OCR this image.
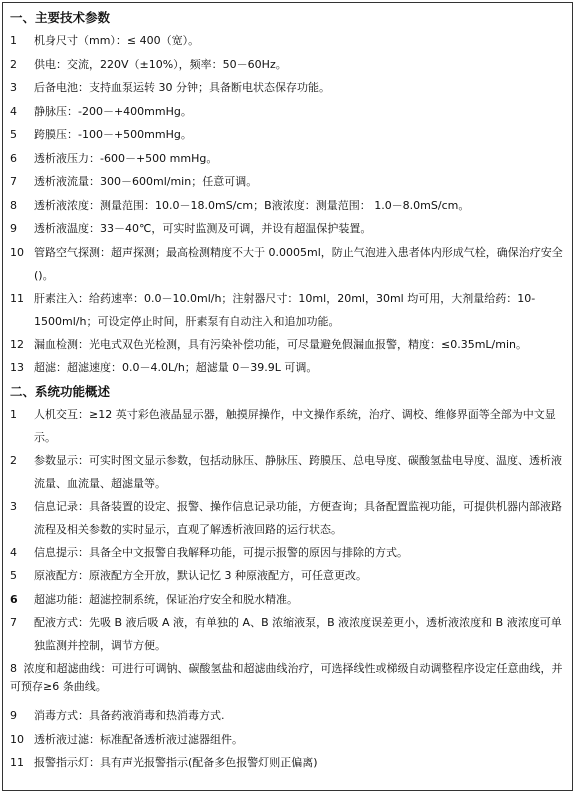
一、主要技术参数
1	机身尺寸（mm）：≤ 400（宽）。
2	供电：交流，220V（±10%），频率：50－60Hz。
3	后备电池：支持血泵运转 30 分钟；具备断电状态保存功能。
4	静脉压：-200－+400mmHg。
5	跨膜压：-100－+500mmHg。
6	透析液压力：-600－+500 mmHg。
7	透析液流量：300－600ml/min；任意可调。
8	透析液浓度：测量范围：10.0－18.0mS/cm；B液浓度：测量范围： 1.0－8.0mS/cm。
9	透析液温度：33－40℃，可实时监测及可调，并设有超温保护装置。
10 管路空气探测：超声探测；最高检测精度不大于 0.0005ml，防止气泡进入患者体内形成气栓，确保治疗安全()。
11 肝素注入：给药速率：0.0－10.0ml/h；注射器尺寸：10ml，20ml，30ml 均可用，大剂量给药：10-1500ml/h；可设定停止时间，肝素泵有自动注入和追加功能。
12 漏血检测：光电式双色光检测，具有污染补偿功能，可尽量避免假漏血报警，精度：≤0.35mL/min。
13 超滤：超滤速度：0.0－4.0L/h；超滤量 0－39.9L 可调。
二、系统功能概述
1	人机交互：≥12 英寸彩色液晶显示器，触摸屏操作，中文操作系统，治疗、调校、维修界面等全部为中文显示。
2	参数显示：可实时图文显示参数，包括动脉压、静脉压、跨膜压、总电导度、碳酸氢盐电导度、温度、透析液流量、血流量、超滤量等。
3	信息记录：具备装置的设定、报警、操作信息记录功能，方便查询；具备配置监视功能，可提供机器内部液路流程及相关参数的实时显示，直观了解透析液回路的运行状态。
4	信息提示：具备全中文报警自我解释功能，可提示报警的原因与排除的方式。
5	原液配方：原液配方全开放，默认记忆 3 种原液配方，可任意更改。
6	超滤功能：超滤控制系统，保证治疗安全和脱水精准。
7	配液方式：先吸 B 液后吸 A 液，有单独的 A、B 浓缩液泵，B 液浓度误差更小，透析液浓度和 B 液浓度可单独监测并控制，调节方便。
8 浓度和超滤曲线：可进行可调钠、碳酸氢盐和超滤曲线治疗，可选择线性或梯级自动调整程序设定任意曲线，并可预存≥6 条曲线。
9	消毒方式：具备药液消毒和热消毒方式.
10 透析液过滤：标准配备透析液过滤器组件。
11 报警指示灯：具有声光报警指示(配备多色报警灯则正偏离)
